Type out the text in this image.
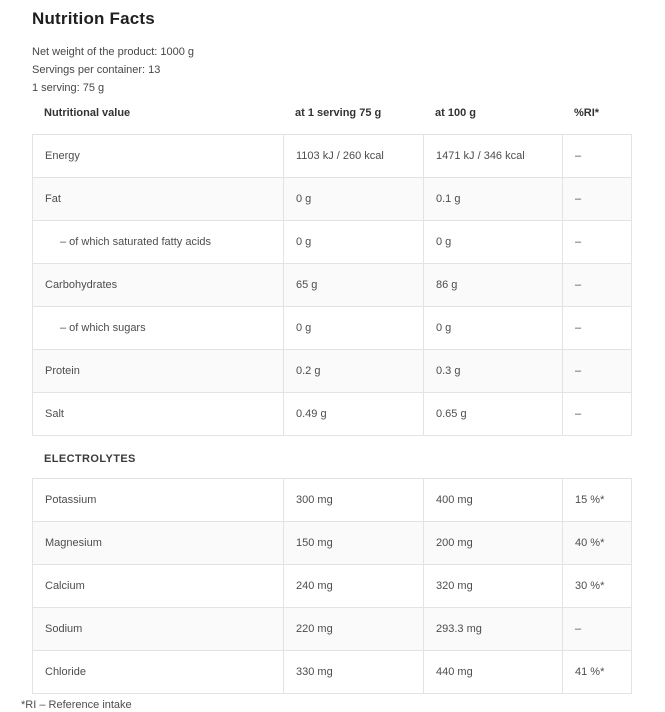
Nutrition Facts

Net weight of the product: 1000 g

Servings per container: 13

1 serving: 75 g

Nutritional value	at 1 serving 75 g	at 100 g	%RI*
Energy	1103 kJ / 260 kcal	1471 kJ / 346 kcal	–
Fat	0 g	0.1 g	–
– of which saturated fatty acids	0 g	0 g	–
Carbohydrates	65 g	86 g	–
– of which sugars	0 g	0 g	–
Protein	0.2 g	0.3 g	–
Salt	0.49 g	0.65 g	–
ELECTROLYTES
Potassium	300 mg	400 mg	15 %*
Magnesium	150 mg	200 mg	40 %*
Calcium	240 mg	320 mg	30 %*
Sodium	220 mg	293.3 mg	–
Chloride	330 mg	440 mg	41 %*

*RI – Reference intake
